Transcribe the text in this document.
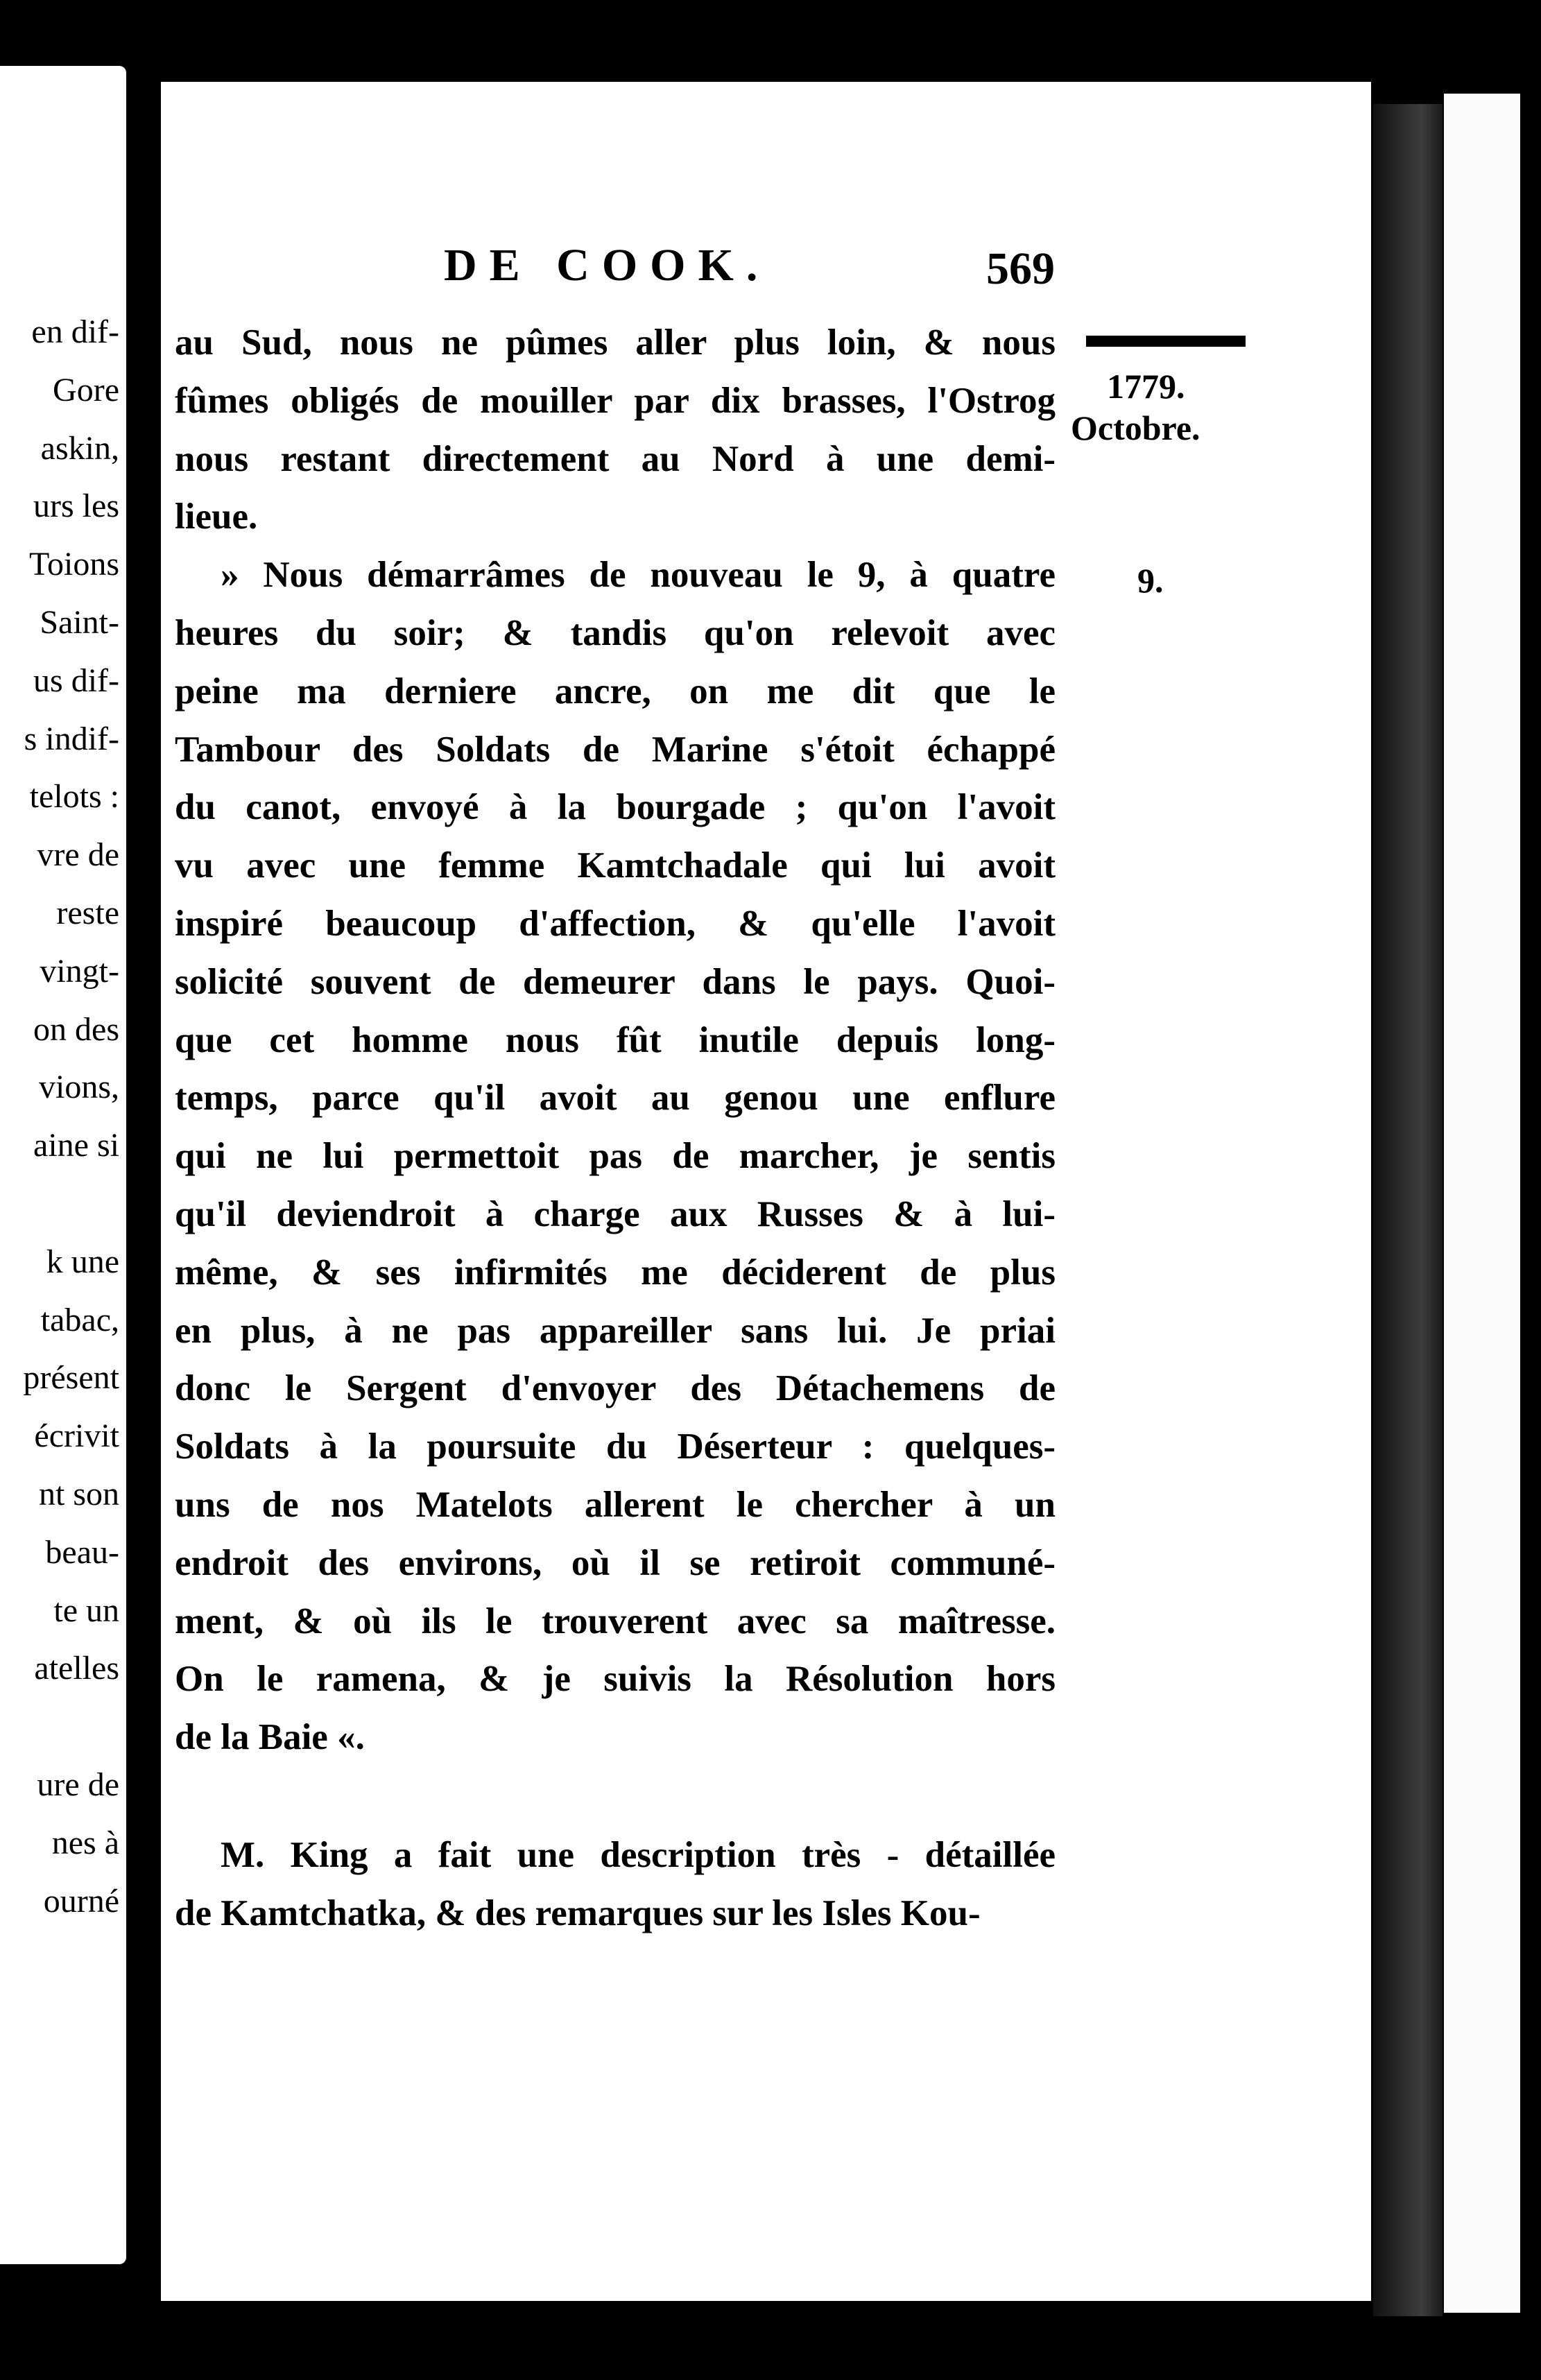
en dif-
Gore
askin,
urs les
Toions
Saint-
us dif-
s indif-
telots :
vre de
reste
vingt-
on des
vions,
aine si
k une
tabac,
présent
écrivit
nt son
beau-
te un
atelles
ure de
nes à
ourné
DE COOK.	569
1779.
Octobre.
9.
au Sud, nous ne pûmes aller plus loin, & nous
fûmes obligés de mouiller par dix brasses, l'Ostrog
nous restant directement au Nord à une demi-
lieue.
» Nous démarrâmes de nouveau le 9, à quatre
heures du soir; & tandis qu'on relevoit avec
peine ma derniere ancre, on me dit que le
Tambour des Soldats de Marine s'étoit échappé
du canot, envoyé à la bourgade ; qu'on l'avoit
vu avec une femme Kamtchadale qui lui avoit
inspiré beaucoup d'affection, & qu'elle l'avoit
solicité souvent de demeurer dans le pays. Quoi-
que cet homme nous fût inutile depuis long-
temps, parce qu'il avoit au genou une enflure
qui ne lui permettoit pas de marcher, je sentis
qu'il deviendroit à charge aux Russes & à lui-
même, & ses infirmités me déciderent de plus
en plus, à ne pas appareiller sans lui. Je priai
donc le Sergent d'envoyer des Détachemens de
Soldats à la poursuite du Déserteur : quelques-
uns de nos Matelots allerent le chercher à un
endroit des environs, où il se retiroit communé-
ment, & où ils le trouverent avec sa maîtresse.
On le ramena, & je suivis la Résolution hors
de la Baie «.
M. King a fait une description très - détaillée
de Kamtchatka, & des remarques sur les Isles Kou-
